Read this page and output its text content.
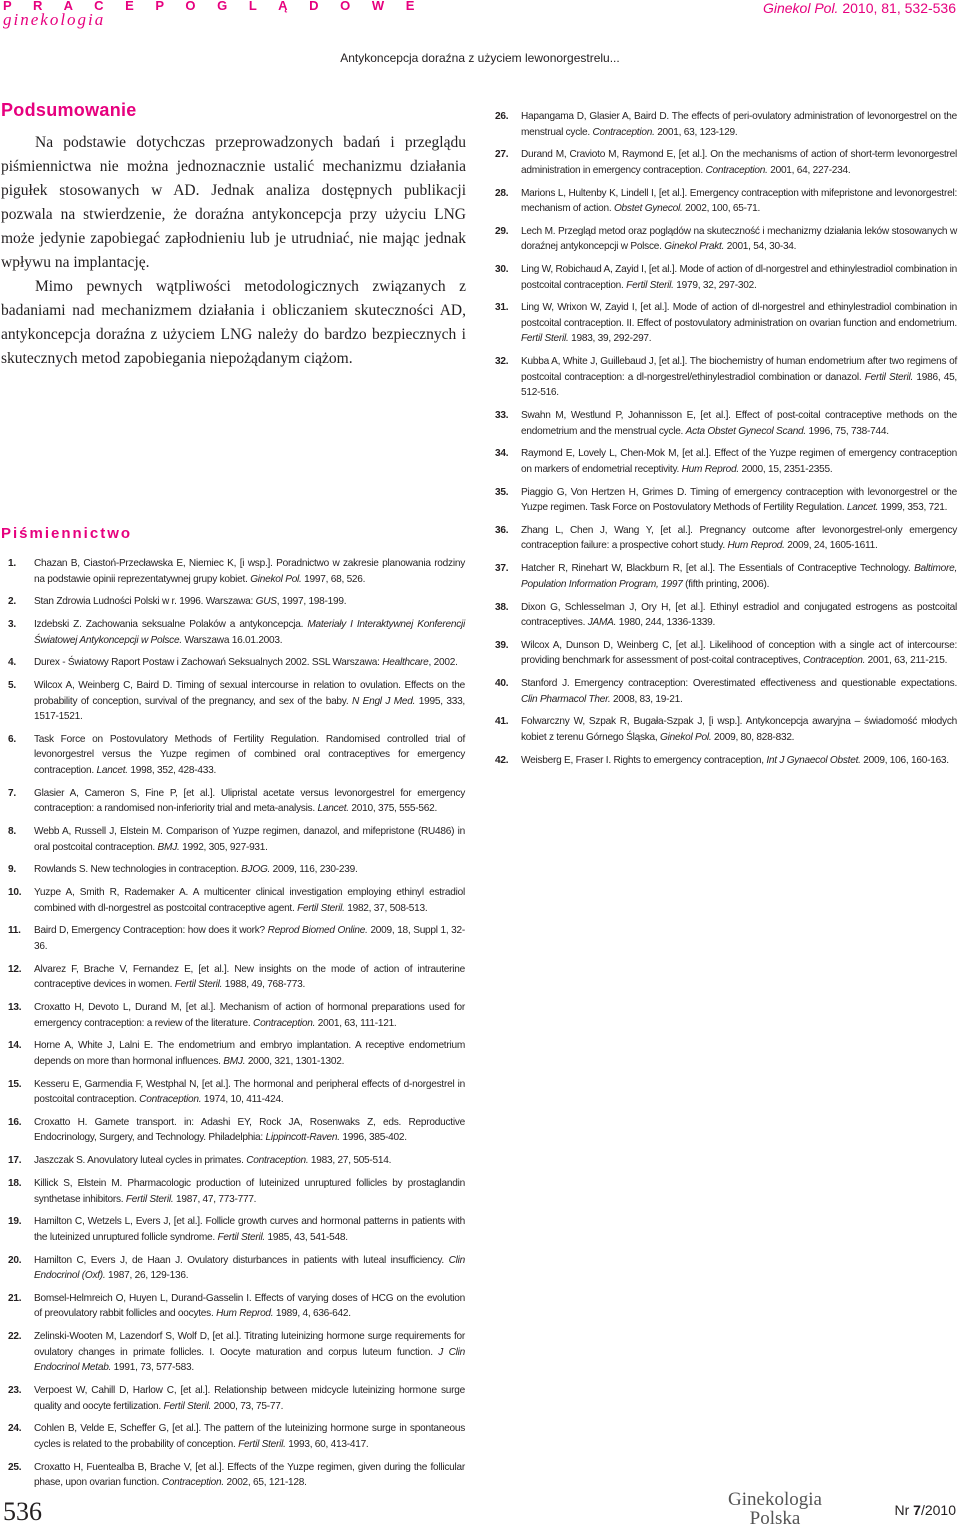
P R A C E P O G L Ą D O W E
ginekologia
Ginekol Pol. 2010, 81, 532-536
Antykoncepcja doraźna z użyciem lewonorgestrelu...
Podsumowanie

Na podstawie dotychczas przeprowadzonych badań i przeglądu piśmiennictwa nie można jednoznacznie ustalić mechanizmu działania pigułek stosowanych w AD. Jednak analiza dostępnych publikacji pozwala na stwierdzenie, że doraźna antykoncepcja przy użyciu LNG może jedynie zapobiegać zapłodnieniu lub je utrudniać, nie mając jednak wpływu na implantację.

Mimo pewnych wątpliwości metodologicznych związanych z badaniami nad mechanizmem działania i obliczaniem skuteczności AD, antykoncepcja doraźna z użyciem LNG należy do bardzo bezpiecznych i skutecznych metod zapobiegania niepożądanym ciążom.

Piśmiennictwo
1. Chazan B, Ciastoń-Przecławska E, Niemiec K, [i wsp.]. Poradnictwo w zakresie planowania rodziny na podstawie opinii reprezentatywnej grupy kobiet. Ginekol Pol. 1997, 68, 526.
2. Stan Zdrowia Ludności Polski w r. 1996. Warszawa: GUS, 1997, 198-199.
3. Izdebski Z. Zachowania seksualne Polaków a antykoncepcja. Materiały I Interaktywnej Konferencji Światowej Antykoncepcji w Polsce. Warszawa 16.01.2003.
4. Durex - Światowy Raport Postaw i Zachowań Seksualnych 2002. SSL Warszawa: Healthcare, 2002.
5. Wilcox A, Weinberg C, Baird D. Timing of sexual intercourse in relation to ovulation. Effects on the probability of conception, survival of the pregnancy, and sex of the baby. N Engl J Med. 1995, 333, 1517-1521.
6. Task Force on Postovulatory Methods of Fertility Regulation. Randomised controlled trial of levonorgestrel versus the Yuzpe regimen of combined oral contraceptives for emergency contraception. Lancet. 1998, 352, 428-433.
7. Glasier A, Cameron S, Fine P, [et al.]. Ulipristal acetate versus levonorgestrel for emergency contraception: a randomised non-inferiority trial and meta-analysis. Lancet. 2010, 375, 555-562.
8. Webb A, Russell J, Elstein M. Comparison of Yuzpe regimen, danazol, and mifepristone (RU486) in oral postcoital contraception. BMJ. 1992, 305, 927-931.
9. Rowlands S. New technologies in contraception. BJOG. 2009, 116, 230-239.
10. Yuzpe A, Smith R, Rademaker A. A multicenter clinical investigation employing ethinyl estradiol combined with dl-norgestrel as postcoital contraceptive agent. Fertil Steril. 1982, 37, 508-513.
11. Baird D, Emergency Contraception: how does it work? Reprod Biomed Online. 2009, 18, Suppl 1, 32-36.
12. Alvarez F, Brache V, Fernandez E, [et al.]. New insights on the mode of action of intrauterine contraceptive devices in women. Fertil Steril. 1988, 49, 768-773.
13. Croxatto H, Devoto L, Durand M, [et al.]. Mechanism of action of hormonal preparations used for emergency contraception: a review of the literature. Contraception. 2001, 63, 111-121.
14. Horne A, White J, Lalni E. The endometrium and embryo implantation. A receptive endometrium depends on more than hormonal influences. BMJ. 2000, 321, 1301-1302.
15. Kesseru E, Garmendia F, Westphal N, [et al.]. The hormonal and peripheral effects of d-norgestrel in postcoital contraception. Contraception. 1974, 10, 411-424.
16. Croxatto H. Gamete transport. in: Adashi EY, Rock JA, Rosenwaks Z, eds. Reproductive Endocrinology, Surgery, and Technology. Philadelphia: Lippincott-Raven. 1996, 385-402.
17. Jaszczak S. Anovulatory luteal cycles in primates. Contraception. 1983, 27, 505-514.
18. Killick S, Elstein M. Pharmacologic production of luteinized unruptured follicles by prostaglandin synthetase inhibitors. Fertil Steril. 1987, 47, 773-777.
19. Hamilton C, Wetzels L, Evers J, [et al.]. Follicle growth curves and hormonal patterns in patients with the luteinized unruptured follicle syndrome. Fertil Steril. 1985, 43, 541-548.
20. Hamilton C, Evers J, de Haan J. Ovulatory disturbances in patients with luteal insufficiency. Clin Endocrinol (Oxf). 1987, 26, 129-136.
21. Bomsel-Helmreich O, Huyen L, Durand-Gasselin I. Effects of varying doses of HCG on the evolution of preovulatory rabbit follicles and oocytes. Hum Reprod. 1989, 4, 636-642.
22. Zelinski-Wooten M, Lazendorf S, Wolf D, [et al.]. Titrating luteinizing hormone surge requirements for ovulatory changes in primate follicles. I. Oocyte maturation and corpus luteum function. J Clin Endocrinol Metab. 1991, 73, 577-583.
23. Verpoest W, Cahill D, Harlow C, [et al.]. Relationship between midcycle luteinizing hormone surge quality and oocyte fertilization. Fertil Steril. 2000, 73, 75-77.
24. Cohlen B, Velde E, Scheffer G, [et al.]. The pattern of the luteinizing hormone surge in spontaneous cycles is related to the probability of conception. Fertil Steril. 1993, 60, 413-417.
25. Croxatto H, Fuentealba B, Brache V, [et al.]. Effects of the Yuzpe regimen, given during the follicular phase, upon ovarian function. Contraception. 2002, 65, 121-128.
26. Hapangama D, Glasier A, Baird D. The effects of peri-ovulatory administration of levonorgestrel on the menstrual cycle. Contraception. 2001, 63, 123-129.
27. Durand M, Cravioto M, Raymond E, [et al.]. On the mechanisms of action of short-term levonorgestrel administration in emergency contraception. Contraception. 2001, 64, 227-234.
28. Marions L, Hultenby K, Lindell I, [et al.]. Emergency contraception with mifepristone and levonorgestrel: mechanism of action. Obstet Gynecol. 2002, 100, 65-71.
29. Lech M. Przegląd metod oraz poglądów na skuteczność i mechanizmy działania leków stosowanych w doraźnej antykoncepcji w Polsce. Ginekol Prakt. 2001, 54, 30-34.
30. Ling W, Robichaud A, Zayid I, [et al.]. Mode of action of dl-norgestrel and ethinylestradiol combination in postcoital contraception. Fertil Steril. 1979, 32, 297-302.
31. Ling W, Wrixon W, Zayid I, [et al.]. Mode of action of dl-norgestrel and ethinylestradiol combination in postcoital contraception. II. Effect of postovulatory administration on ovarian function and endometrium. Fertil Steril. 1983, 39, 292-297.
32. Kubba A, White J, Guillebaud J, [et al.]. The biochemistry of human endometrium after two regimens of postcoital contraception: a dl-norgestrel/ethinylestradiol combination or danazol. Fertil Steril. 1986, 45, 512-516.
33. Swahn M, Westlund P, Johannisson E, [et al.]. Effect of post-coital contraceptive methods on the endometrium and the menstrual cycle. Acta Obstet Gynecol Scand. 1996, 75, 738-744.
34. Raymond E, Lovely L, Chen-Mok M, [et al.]. Effect of the Yuzpe regimen of emergency contraception on markers of endometrial receptivity. Hum Reprod. 2000, 15, 2351-2355.
35. Piaggio G, Von Hertzen H, Grimes D. Timing of emergency contraception with levonorgestrel or the Yuzpe regimen. Task Force on Postovulatory Methods of Fertility Regulation. Lancet. 1999, 353, 721.
36. Zhang L, Chen J, Wang Y, [et al.]. Pregnancy outcome after levonorgestrel-only emergency contraception failure: a prospective cohort study. Hum Reprod. 2009, 24, 1605-1611.
37. Hatcher R, Rinehart W, Blackburn R, [et al.]. The Essentials of Contraceptive Technology. Baltimore, Population Information Program, 1997 (fifth printing, 2006).
38. Dixon G, Schlesselman J, Ory H, [et al.]. Ethinyl estradiol and conjugated estrogens as postcoital contraceptives. JAMA. 1980, 244, 1336-1339.
39. Wilcox A, Dunson D, Weinberg C, [et al.]. Likelihood of conception with a single act of intercourse: providing benchmark for assessment of post-coital contraceptives, Contraception. 2001, 63, 211-215.
40. Stanford J. Emergency contraception: Overestimated effectiveness and questionable expectations. Clin Pharmacol Ther. 2008, 83, 19-21.
41. Folwarczny W, Szpak R, Bugała-Szpak J, [i wsp.]. Antykoncepcja awaryjna – świadomość młodych kobiet z terenu Górnego Śląska, Ginekol Pol. 2009, 80, 828-832.
42. Weisberg E, Fraser I. Rights to emergency contraception, Int J Gynaecol Obstet. 2009, 106, 160-163.
536	Ginekologia
Polska	Nr 7/2010
